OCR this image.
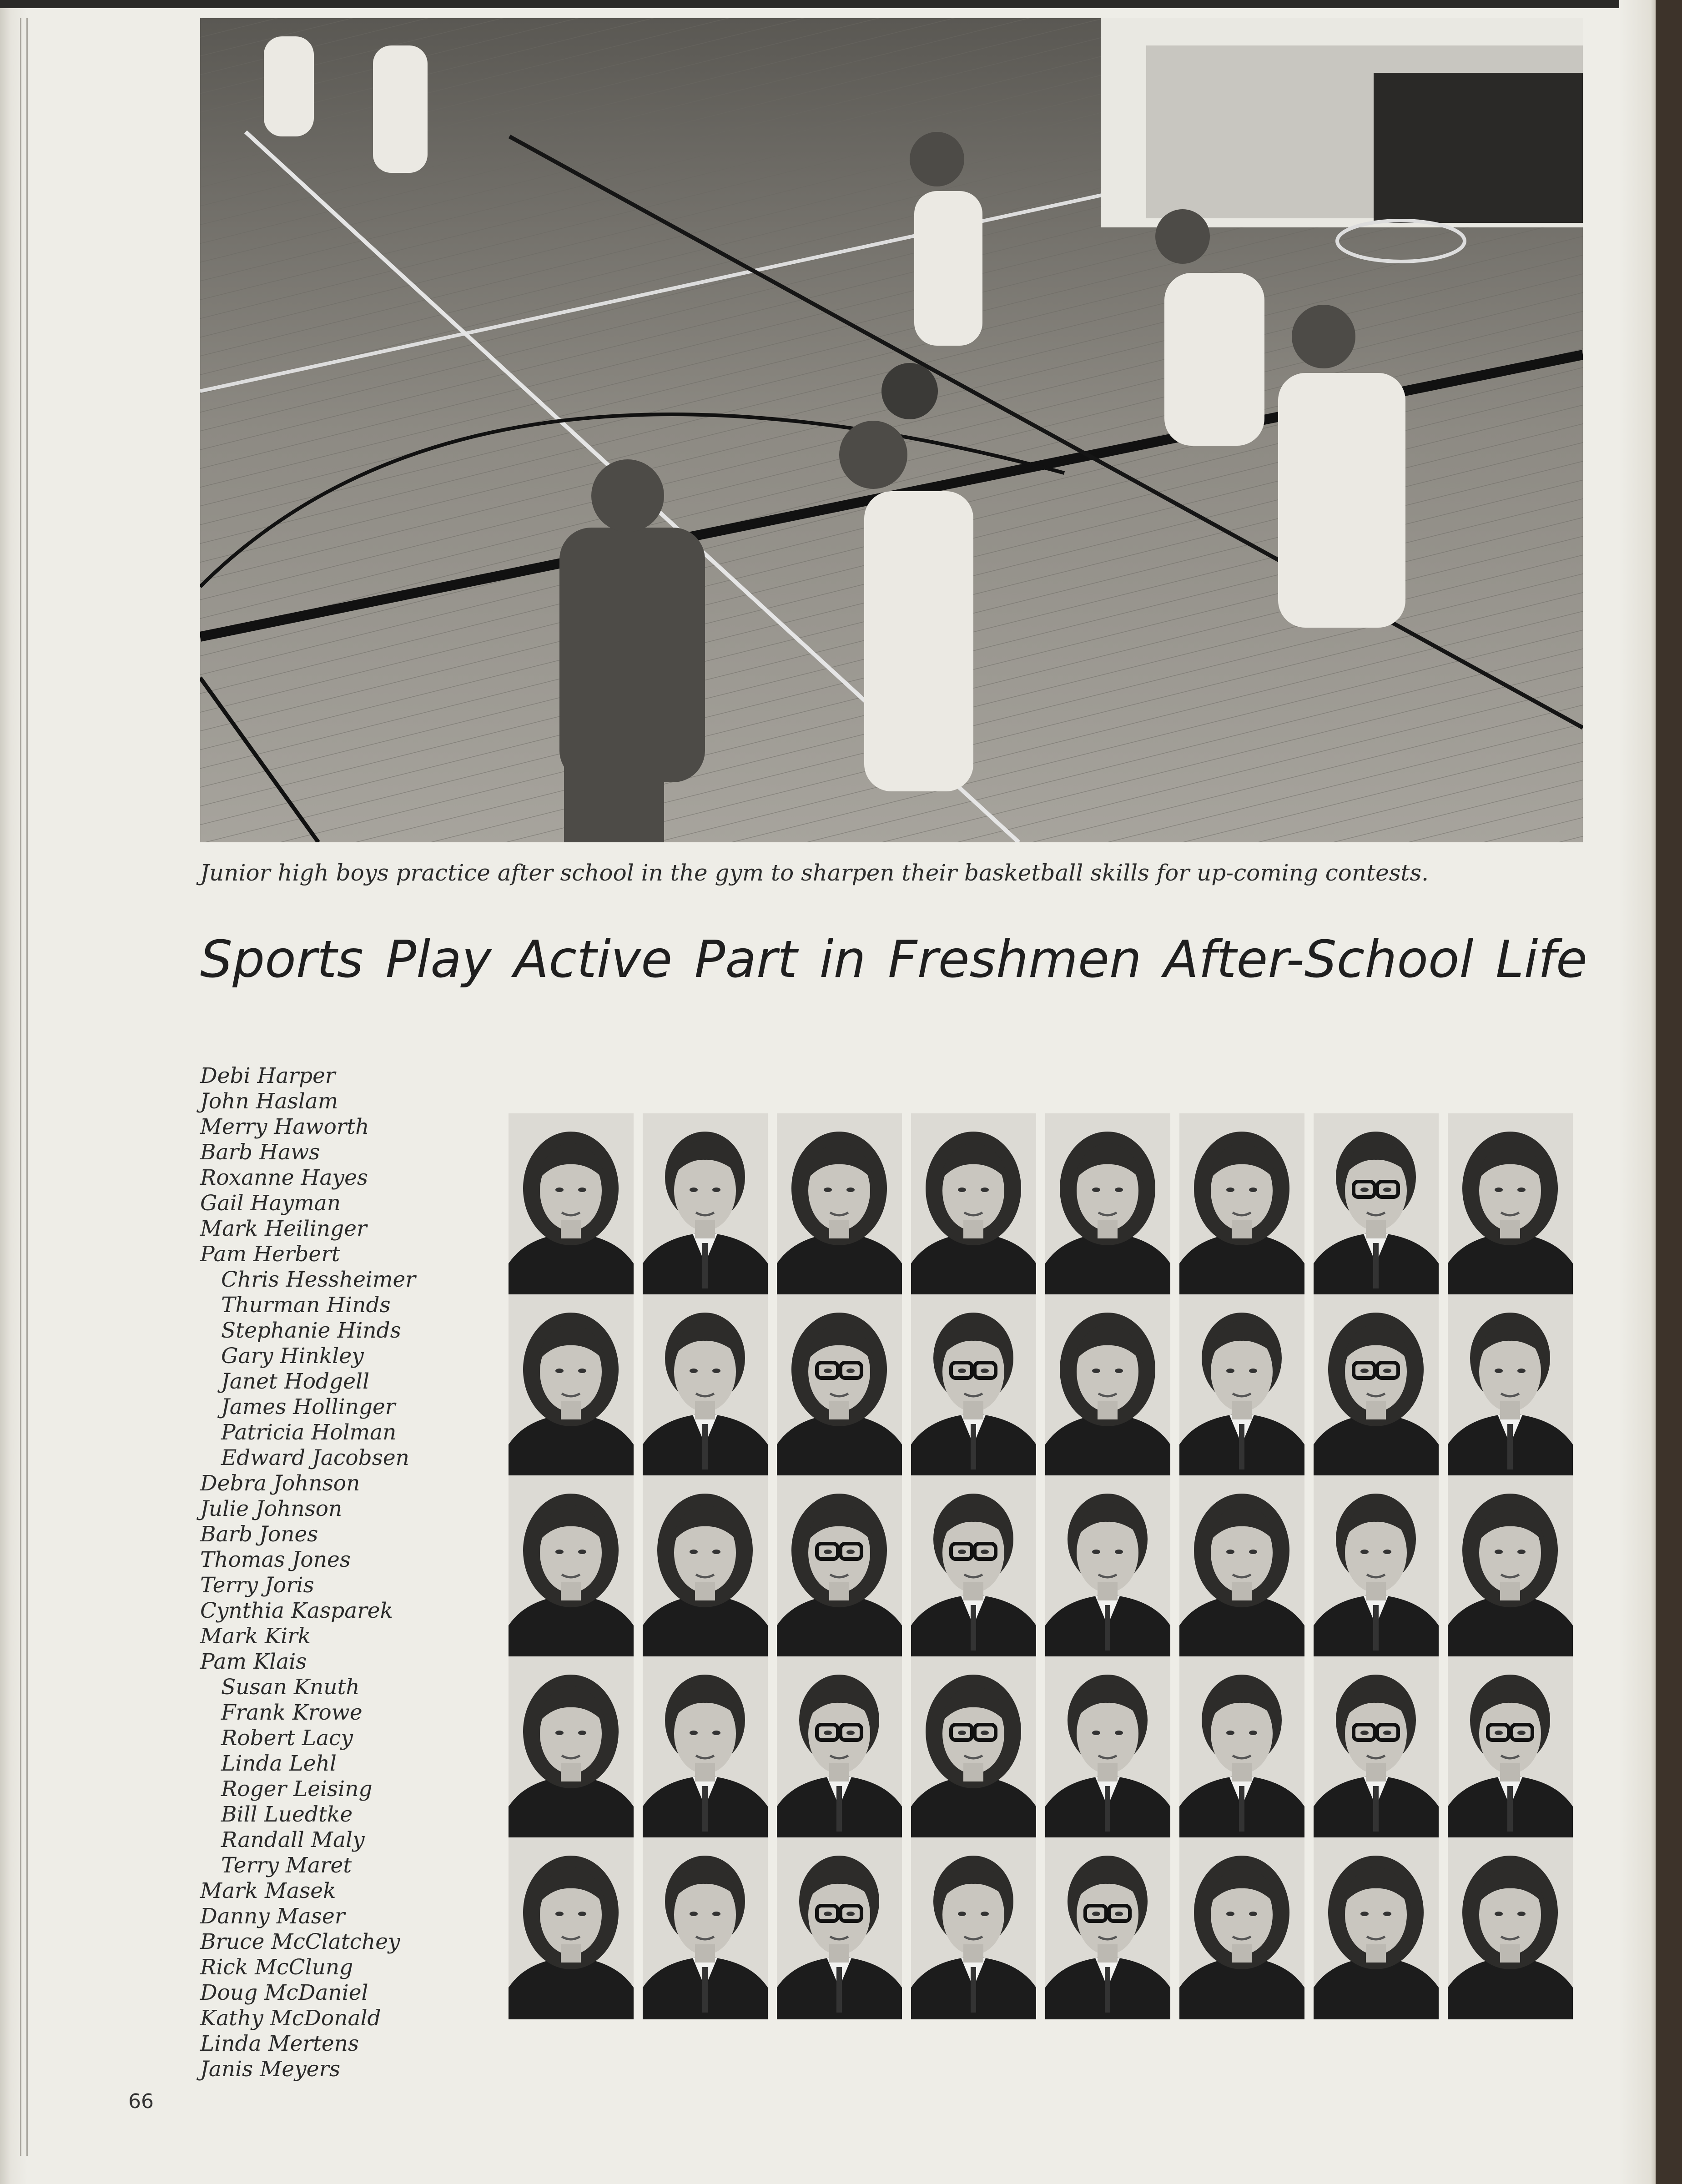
Junior high boys practice after school in the gym to sharpen their basketball skills for up-coming contests.
Sports Play Active Part in Freshmen After-School Life
Debi Harper
John Haslam
Merry Haworth
Barb Haws
Roxanne Hayes
Gail Hayman
Mark Heilinger
Pam Herbert
Chris Hessheimer
Thurman Hinds
Stephanie Hinds
Gary Hinkley
Janet Hodgell
James Hollinger
Patricia Holman
Edward Jacobsen
Debra Johnson
Julie Johnson
Barb Jones
Thomas Jones
Terry Joris
Cynthia Kasparek
Mark Kirk
Pam Klais
Susan Knuth
Frank Krowe
Robert Lacy
Linda Lehl
Roger Leising
Bill Luedtke
Randall Maly
Terry Maret
Mark Masek
Danny Maser
Bruce McClatchey
Rick McClung
Doug McDaniel
Kathy McDonald
Linda Mertens
Janis Meyers
66
